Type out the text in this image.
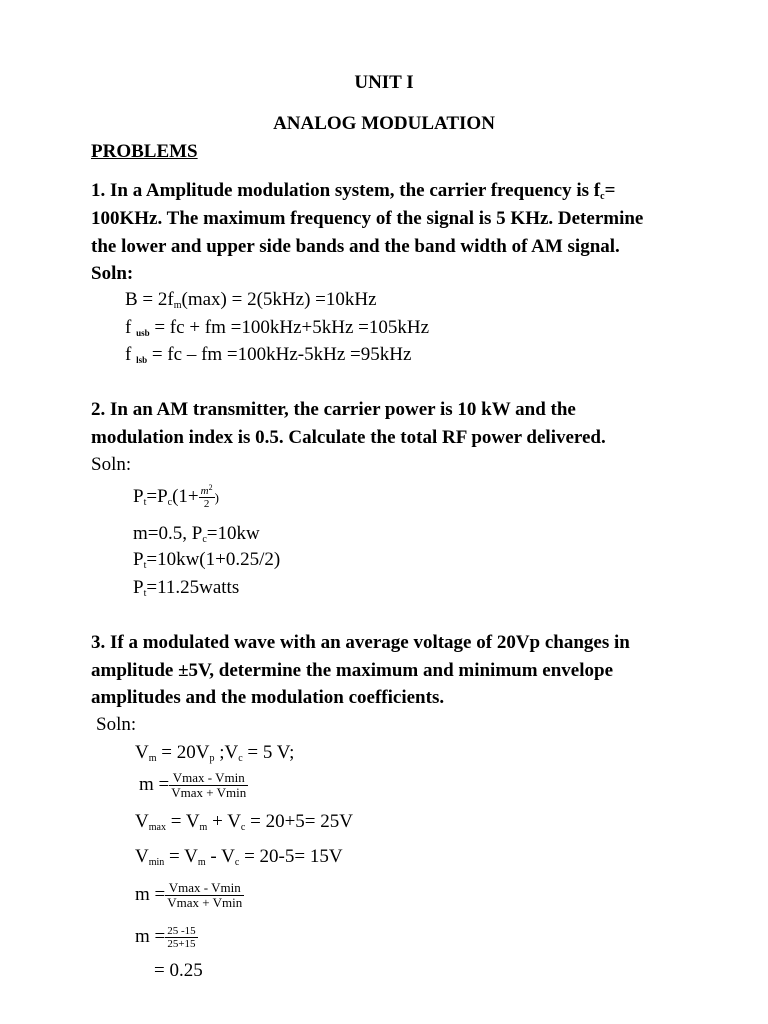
UNIT I
ANALOG MODULATION
PROBLEMS
1. In a Amplitude modulation system, the carrier frequency is $f_c=$
100KHz. The maximum frequency of the signal is 5 KHz. Determine
the lower and upper side bands and the band width of AM signal.
Soln:
$B = 2f_m(\max) = 2(5kHz) =10kHz$
f $_{usb}$ = fc + fm =100kHz+5kHz =105kHz
f $_{lsb}$ = fc – fm =100kHz-5kHz =95kHz
2. In an AM transmitter, the carrier power is 10 kW and the
modulation index is 0.5. Calculate the total RF power delivered.
Soln:
$P_t=P_c(1+ \frac{m^2}{2}$ )
m=0.5, $P_c=10kw$
$P_t=10kw(1+0.25/2)$
$P_t=11.25watts$
3. If a modulated wave with an average voltage of 20Vp changes in
amplitude ±5V, determine the maximum and minimum envelope
amplitudes and the modulation coefficients.
Soln:
$V_m = 20V_p$ $;V_c = 5$ V;
$m = \frac{Vmax - Vmin}{Vmax + Vmin}$
$V_{max} = V_m + V_c = 20+5= 25V$
$V_{min} = V_m - V_c = 20-5= 15V$
$m = \frac{Vmax - Vmin}{Vmax + Vmin}$
$m = \frac{25 -15}{25+15}$
= 0.25
